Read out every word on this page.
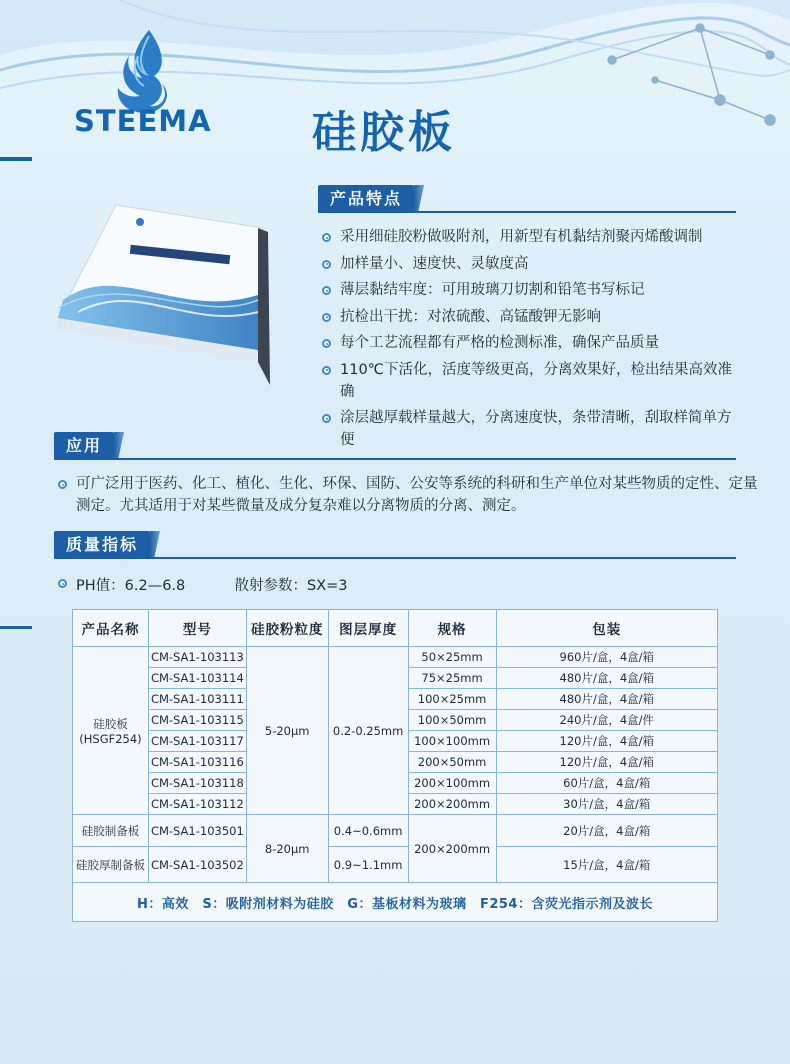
STEEMA 硅胶板
产品特点
采用细硅胶粉做吸附剂，用新型有机黏结剂聚丙烯酸调制
加样量小、速度快、灵敏度高
薄层黏结牢度：可用玻璃刀切割和铅笔书写标记
抗检出干扰：对浓硫酸、高锰酸钾无影响
每个工艺流程都有严格的检测标准，确保产品质量
110℃下活化，活度等级更高，分离效果好，检出结果高效准确
涂层越厚载样量越大，分离速度快，条带清晰，刮取样简单方便
应用
可广泛用于医药、化工、植化、生化、环保、国防、公安等系统的科研和生产单位对某些物质的定性、定量测定。尤其适用于对某些微量及成分复杂难以分离物质的分离、测定。
质量指标
PH值：6.2—6.8	散射参数：SX=3
产品名称	型号	硅胶粉粒度	图层厚度	规格	包装

硅胶板
(HSGF254)	CM-SA1-103113	5-20μm	0.2-0.25mm	50×25mm	960片/盒，4盒/箱
	CM-SA1-103114			75×25mm	480片/盒，4盒/箱
	CM-SA1-103111			100×25mm	480片/盒，4盒/箱
	CM-SA1-103115			100×50mm	240片/盒，4盒/件
	CM-SA1-103117			100×100mm	120片/盒，4盒/箱
	CM-SA1-103116			200×50mm	120片/盒，4盒/箱
	CM-SA1-103118			200×100mm	60片/盒，4盒/箱
	CM-SA1-103112			200×200mm	30片/盒，4盒/箱
硅胶制备板	CM-SA1-103501	8-20μm	0.4~0.6mm	200×200mm	20片/盒，4盒/箱
硅胶厚制备板	CM-SA1-103502		0.9~1.1mm		15片/盒，4盒/箱
H：高效　S：吸附剂材料为硅胶　G：基板材料为玻璃　F254：含荧光指示剂及波长					
